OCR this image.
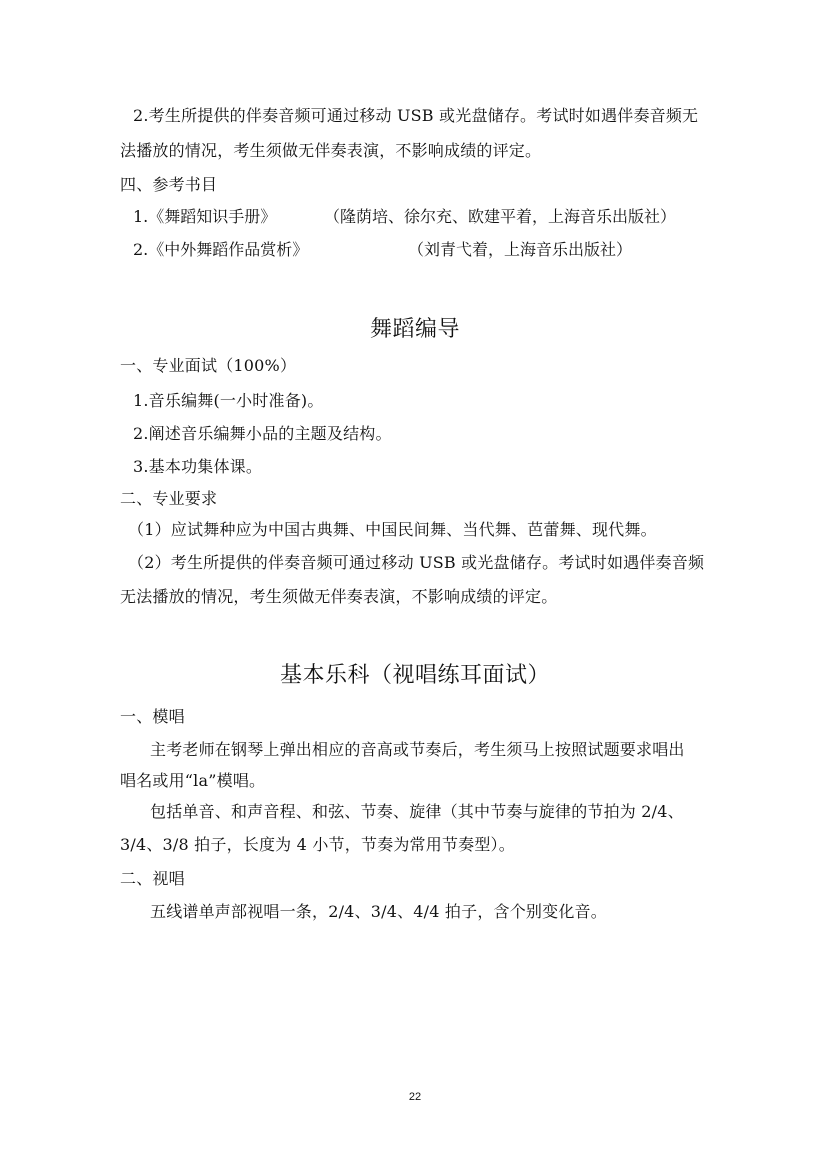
2.考生所提供的伴奏音频可通过移动 USB 或光盘储存。考试时如遇伴奏音频无
法播放的情况，考生须做无伴奏表演，不影响成绩的评定。
四、参考书目
1.《舞蹈知识手册》	（隆荫培、徐尔充、欧建平着，上海音乐出版社）
2.《中外舞蹈作品赏析》	（刘青弋着，上海音乐出版社）
舞蹈编导
一、专业面试（100%）
1.音乐编舞(一小时准备)。
2.阐述音乐编舞小品的主题及结构。
3.基本功集体课。
二、专业要求
（1）应试舞种应为中国古典舞、中国民间舞、当代舞、芭蕾舞、现代舞。
（2）考生所提供的伴奏音频可通过移动 USB 或光盘储存。考试时如遇伴奏音频
无法播放的情况，考生须做无伴奏表演，不影响成绩的评定。
基本乐科（视唱练耳面试）
一、模唱
主考老师在钢琴上弹出相应的音高或节奏后，考生须马上按照试题要求唱出
唱名或用“la”模唱。
包括单音、和声音程、和弦、节奏、旋律（其中节奏与旋律的节拍为 2/4、
3/4、3/8 拍子，长度为 4 小节，节奏为常用节奏型）。
二、视唱
五线谱单声部视唱一条，2/4、3/4、4/4 拍子，含个别变化音。
22
